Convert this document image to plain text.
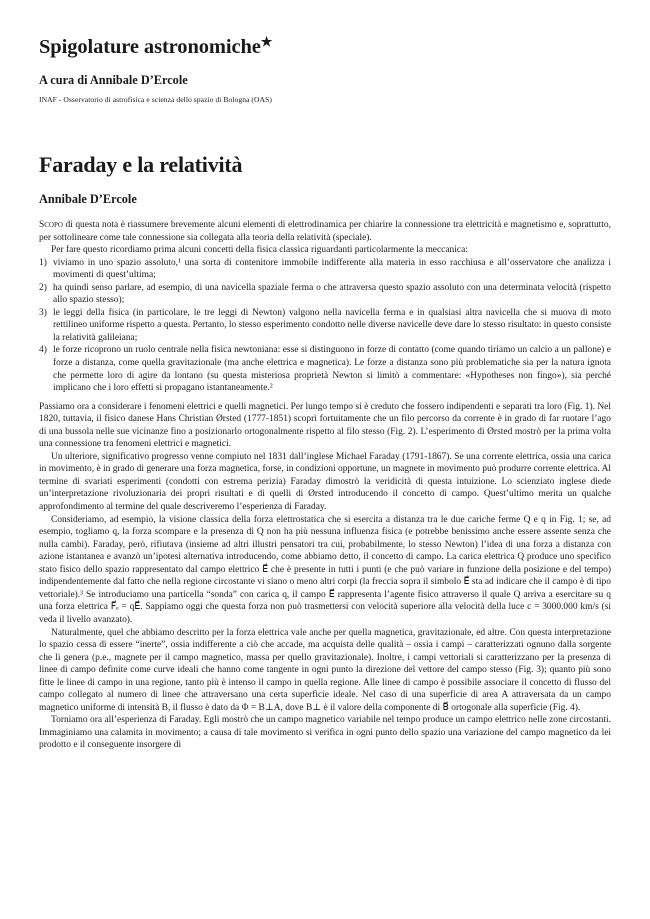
Spigolature astronomiche★

A cura di Annibale D’Ercole

INAF - Osservatorio di astrofisica e scienza dello spazio di Bologna (OAS)

Faraday e la relatività

Annibale D’Ercole

Scopo di questa nota è riassumere brevemente alcuni elementi di elettrodinamica per chiarire la connessione tra elettricità e magnetismo e, soprattutto, per sottolineare come tale connessione sia collegata alla teoria della relatività (speciale).

Per fare questo ricordiamo prima alcuni concetti della fisica classica riguardanti particolarmente la meccanica:

1) viviamo in uno spazio assoluto,¹ una sorta di contenitore immobile indifferente alla materia in esso racchiusa e all’osservatore che analizza i movimenti di quest’ultima;
2) ha quindi senso parlare, ad esempio, di una navicella spaziale ferma o che attraversa questo spazio assoluto con una determinata velocità (rispetto allo spazio stesso);
3) le leggi della fisica (in particolare, le tre leggi di Newton) valgono nella navicella ferma e in qualsiasi altra navicella che si muova di moto rettilineo uniforme rispetto a questa. Pertanto, lo stesso esperimento condotto nelle diverse navicelle deve dare lo stesso risultato: in questo consiste la relatività galileiana;
4) le forze ricoprono un ruolo centrale nella fisica newtoniana: esse si distinguono in forze di contatto (come quando tiriamo un calcio a un pallone) e forze a distanza, come quella gravitazionale (ma anche elettrica e magnetica). Le forze a distanza sono più problematiche sia per la natura ignota che permette loro di agire da lontano (su questa misteriosa proprietà Newton si limitò a commentare: «Hypotheses non fingo»), sia perché implicano che i loro effetti si propagano istantaneamente.²

Passiamo ora a considerare i fenomeni elettrici e quelli magnetici. Per lungo tempo si è creduto che fossero indipendenti e separati tra loro (Fig. 1). Nel 1820, tuttavia, il fisico danese Hans Christian Ørsted (1777-1851) scoprì fortuitamente che un filo percorso da corrente è in grado di far ruotare l’ago di una bussola nelle sue vicinanze fino a posizionarlo ortogonalmente rispetto al filo stesso (Fig. 2). L’esperimento di Ørsted mostrò per la prima volta una connessione tra fenomeni elettrici e magnetici.

Un ulteriore, significativo progresso venne compiuto nel 1831 dall’inglese Michael Faraday (1791-1867). Se una corrente elettrica, ossia una carica in movimento, è in grado di generare una forza magnetica, forse, in condizioni opportune, un magnete in movimento può produrre corrente elettrica. Al termine di svariati esperimenti (condotti con estrema perizia) Faraday dimostrò la veridicità di questa intuizione. Lo scienziato inglese diede un’interpretazione rivoluzionaria dei propri risultati e di quelli di Ørsted introducendo il concetto di campo. Quest’ultimo merita un qualche approfondimento al termine del quale descriveremo l’esperienza di Faraday.

Consideriamo, ad esempio, la visione classica della forza elettrostatica che si esercita a distanza tra le due cariche ferme Q e q in Fig. 1; se, ad esempio, togliamo q, la forza scompare e la presenza di Q non ha più nessuna influenza fisica (e potrebbe benissimo anche essere assente senza che nulla cambi). Faraday, però, rifiutava (insieme ad altri illustri pensatori tra cui, probabilmente, lo stesso Newton) l’idea di una forza a distanza con azione istantanea e avanzò un’ipotesi alternativa introducendo, come abbiamo detto, il concetto di campo. La carica elettrica Q produce uno specifico stato fisico dello spazio rappresentato dal campo elettrico E⃗ che è presente in tutti i punti (e che può variare in funzione della posizione e del tempo) indipendentemente dal fatto che nella regione circostante vi siano o meno altri corpi (la freccia sopra il simbolo E⃗ sta ad indicare che il campo è di tipo vettoriale).³ Se introduciamo una particella “sonda” con carica q, il campo E⃗ rappresenta l’agente fisico attraverso il quale Q arriva a esercitare su q una forza elettrica F⃗ₑ = qE⃗. Sappiamo oggi che questa forza non può trasmettersi con velocità superiore alla velocità della luce c = 3000.000 km/s (si veda il livello avanzato).

Naturalmente, quel che abbiamo descritto per la forza elettrica vale anche per quella magnetica, gravitazionale, ed altre. Con questa interpretazione lo spazio cessa di essere “inerte”, ossia indifferente a ciò che accade, ma acquista delle qualità – ossia i campi – caratterizzati ognuno dalla sorgente che li genera (p.e., magnete per il campo magnetico, massa per quello gravitazionale). Inoltre, i campi vettoriali si caratterizzano per la presenza di linee di campo definite come curve ideali che hanno come tangente in ogni punto la direzione del vettore del campo stesso (Fig. 3); quanto più sono fitte le linee di campo in una regione, tanto più è intenso il campo in quella regione. Alle linee di campo è possibile associare il concetto di flusso del campo collegato al numero di linee che attraversano una certa superficie ideale. Nel caso di una superficie di area A attraversata da un campo magnetico uniforme di intensità B, il flusso è dato da Φ = B⊥A, dove B⊥ è il valore della componente di B⃗ ortogonale alla superficie (Fig. 4).

Torniamo ora all’esperienza di Faraday. Egli mostrò che un campo magnetico variabile nel tempo produce un campo elettrico nelle zone circostanti. Immaginiamo una calamita in movimento; a causa di tale movimento si verifica in ogni punto dello spazio una variazione del campo magnetico da lei prodotto e il conseguente insorgere di
